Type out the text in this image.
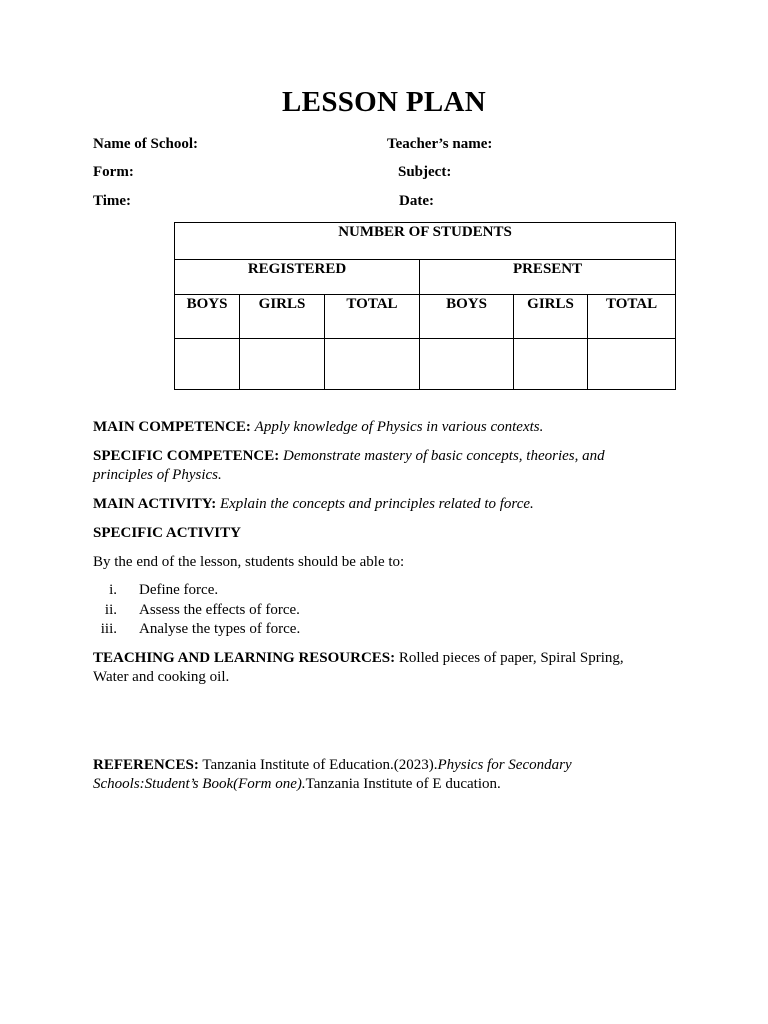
LESSON PLAN
Name of School:	Teacher’s name:
Form:	Subject:
Time:	Date:
NUMBER OF STUDENTS					
REGISTERED			PRESENT		
BOYS	GIRLS	TOTAL	BOYS	GIRLS	TOTAL

MAIN COMPETENCE: Apply knowledge of Physics in various contexts.
SPECIFIC COMPETENCE: Demonstrate mastery of basic concepts, theories, and principles of Physics.
MAIN ACTIVITY: Explain the concepts and principles related to force.
SPECIFIC ACTIVITY
By the end of the lesson, students should be able to:
i. Define force.
ii. Assess the effects of force.
iii. Analyse the types of force.
TEACHING AND LEARNING RESOURCES: Rolled pieces of paper, Spiral Spring, Water and cooking oil.
REFERENCES: Tanzania Institute of Education.(2023).Physics for Secondary Schools:Student’s Book(Form one).Tanzania Institute of E ducation.
